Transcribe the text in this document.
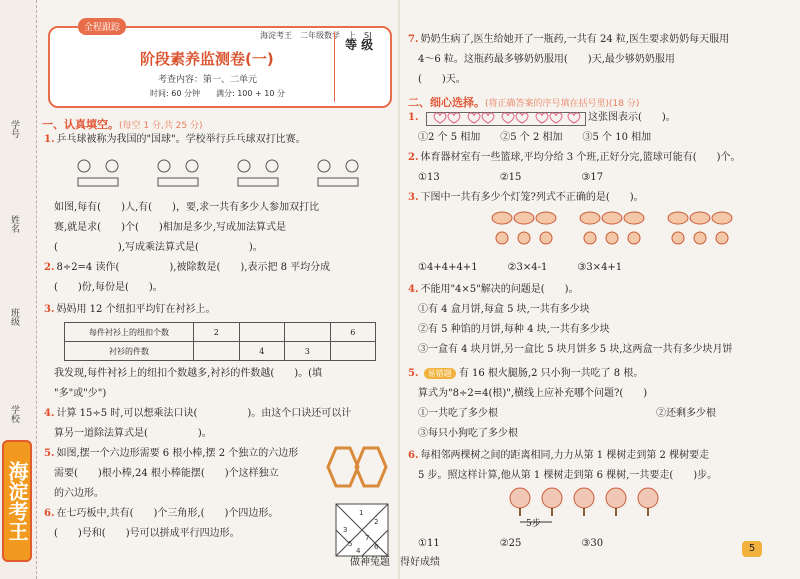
学号
姓名
班级
学校
海淀考王
全程跟踪
海淀考王　二年级数学　上　SJ
阶段素养监测卷(一)
考查内容：第一、二单元
时间: 60 分钟　　满分: 100 + 10 分
等 级
一、认真填空。(每空 1 分,共 25 分)
1. 乒乓球被称为我国的"国球"。学校举行乒乓球双打比赛。
如图,每有(　　)人,有(　　)，要,求一共有多少人参加双打比
赛,就是求(　　)个(　　)相加是多少,写成加法算式是
(　　　　　　),写成乘法算式是(　　　　　)。
2. 8÷2=4 读作(　　　　　),被除数是(　　),表示把 8 平均分成
(　　)份,每份是(　　)。
3. 妈妈用 12 个纽扣平均钉在衬衫上。
每件衬衫上的纽扣个数	2			6
衬衫的件数		4	3	
我发现,每件衬衫上的纽扣个数越多,衬衫的件数越(　　)。(填
"多"或"少")
4. 计算 15÷5 时,可以想乘法口诀(　　　　　)。由这个口诀还可以计
算另一道除法算式是(　　　　　)。
5. 如图,摆一个六边形需要 6 根小棒,摆 2 个独立的六边形
需要(　　)根小棒,24 根小棒能摆(　　)个这样独立
的六边形。
6. 在七巧板中,共有(　　)个三角形,(　　)个四边形。
(　　)号和(　　)号可以拼成平行四边形。
1
3
2
5
7
6
4
7. 奶奶生病了,医生给她开了一瓶药,一共有 24 粒,医生要求奶奶每天服用
4～6 粒。这瓶药最多够奶奶服用(　　)天,最少够奶奶服用
(　　)天。
二、细心选择。(将正确答案的序号填在括号里)(18 分)
1.	这张图表示(　　)。
①2 个 5 相加　　②5 个 2 相加　　③5 个 10 相加
2. 体育器材室有一些篮球,平均分给 3 个班,正好分完,篮球可能有(　　)个。
①13　　　　　　②15　　　　　　③17
3. 下图中一共有多少个灯笼?列式不正确的是(　　)。
①4+4+4+1　　　②3×4-1　　　③3×4+1
4. 不能用"4×5"解决的问题是(　　)。
①有 4 盒月饼,每盒 5 块,一共有多少块
②有 5 种馅的月饼,每种 4 块,一共有多少块
③一盒有 4 块月饼,另一盒比 5 块月饼多 5 块,这两盒一共有多少块月饼
5. 易错题 有 16 根火腿肠,2 只小狗一共吃了 8 根。
算式为"8÷2=4(根)",横线上应补充哪个问题?(　　)
①一共吃了多少根	②还剩多少根
③每只小狗吃了多少根
6. 每相邻两棵树之间的距离相同,力力从第 1 棵树走到第 2 棵树要走
5 步。照这样计算,他从第 1 棵树走到第 6 棵树,一共要走(　　)步。
5步
①11　　　　　　②25　　　　　　③30
做神兔题　得好成绩
5
